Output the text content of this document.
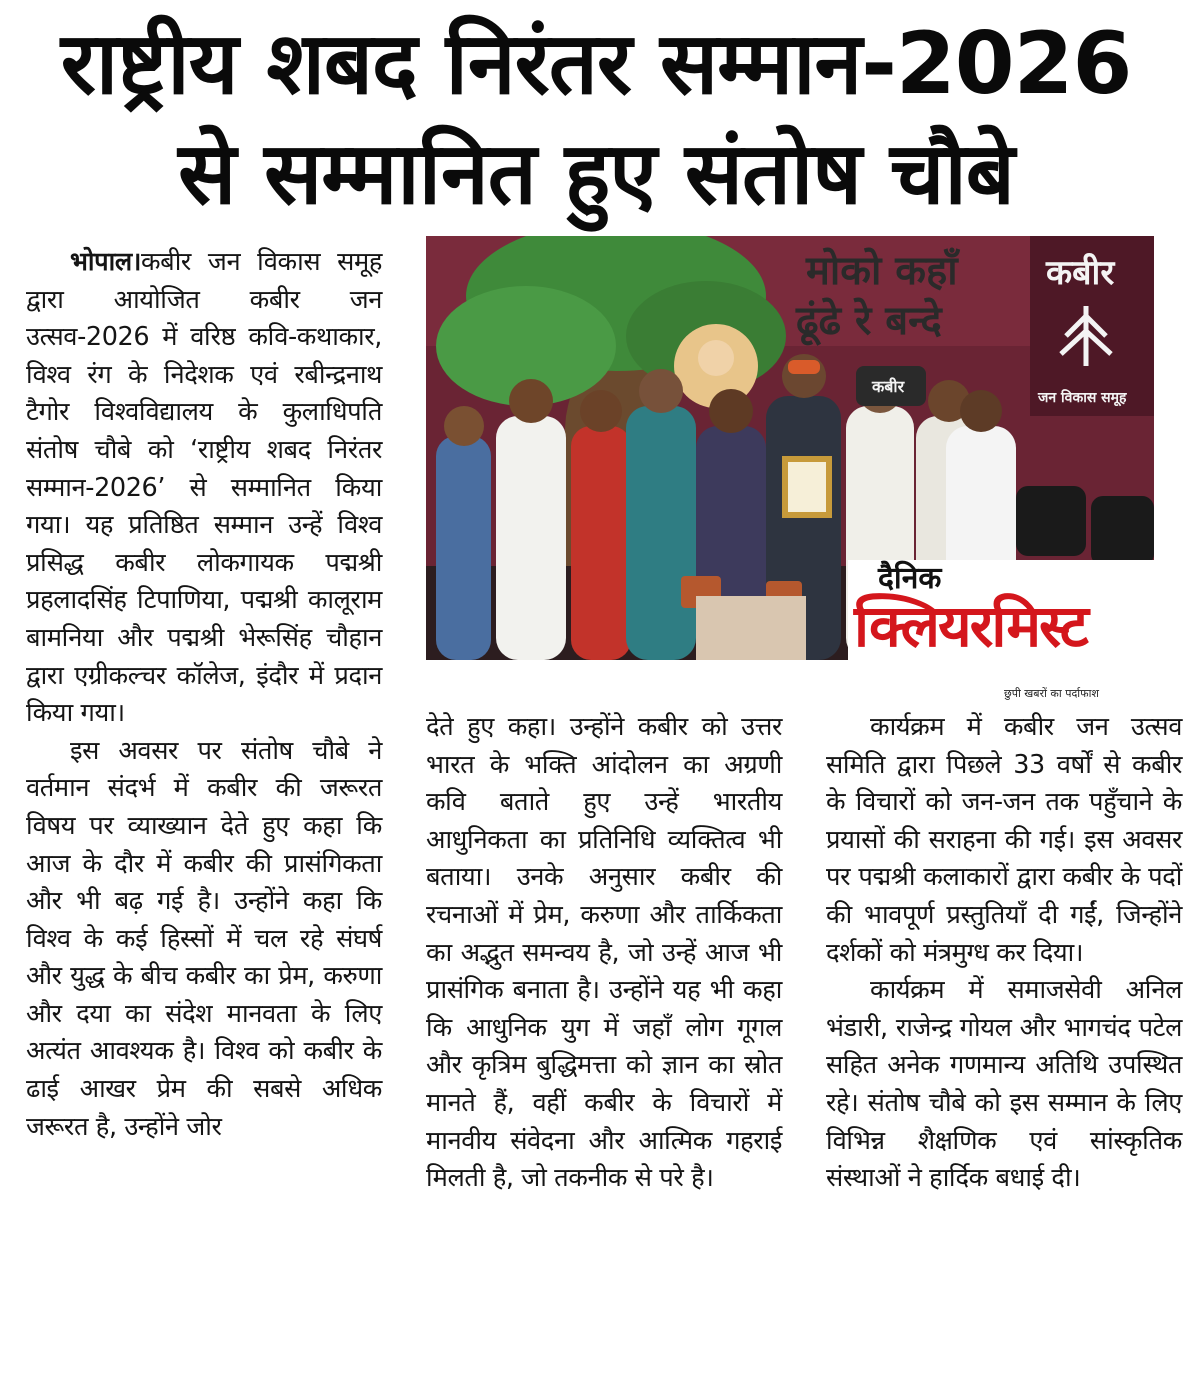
राष्ट्रीय शबद निरंतर सम्मान-2026
से सम्मानित हुए संतोष चौबे

भोपाल।कबीर जन विकास समूह द्वारा आयोजित कबीर जन उत्सव-2026 में वरिष्ठ कवि-कथाकार, विश्व रंग के निदेशक एवं रबीन्द्रनाथ टैगोर विश्वविद्यालय के कुलाधिपति संतोष चौबे को ‘राष्ट्रीय शबद निरंतर सम्मान-2026’ से सम्मानित किया गया। यह प्रतिष्ठित सम्मान उन्हें विश्व प्रसिद्ध कबीर लोकगायक पद्मश्री प्रहलादसिंह टिपाणिया, पद्मश्री कालूराम बामनिया और पद्मश्री भेरूसिंह चौहान द्वारा एग्रीकल्चर कॉलेज, इंदौर में प्रदान किया गया।

इस अवसर पर संतोष चौबे ने वर्तमान संदर्भ में कबीर की जरूरत विषय पर व्याख्यान देते हुए कहा कि आज के दौर में कबीर की प्रासंगिकता और भी बढ़ गई है। उन्होंने कहा कि विश्व के कई हिस्सों में चल रहे संघर्ष और युद्ध के बीच कबीर का प्रेम, करुणा और दया का संदेश मानवता के लिए अत्यंत आवश्यक है। विश्व को कबीर के ढाई आखर प्रेम की सबसे अधिक जरूरत है, उन्होंने जोर

मोको कहाँ
ढूंढे रे बन्दे
कबीर
जन विकास समूह
कबीर
दैनिक
क्लियरमिस्ट
छुपी खबरों का पर्दाफाश

देते हुए कहा। उन्होंने कबीर को उत्तर भारत के भक्ति आंदोलन का अग्रणी कवि बताते हुए उन्हें भारतीय आधुनिकता का प्रतिनिधि व्यक्तित्व भी बताया। उनके अनुसार कबीर की रचनाओं में प्रेम, करुणा और तार्किकता का अद्भुत समन्वय है, जो उन्हें आज भी प्रासंगिक बनाता है। उन्होंने यह भी कहा कि आधुनिक युग में जहाँ लोग गूगल और कृत्रिम बुद्धिमत्ता को ज्ञान का स्रोत मानते हैं, वहीं कबीर के विचारों में मानवीय संवेदना और आत्मिक गहराई मिलती है, जो तकनीक से परे है।

कार्यक्रम में कबीर जन उत्सव समिति द्वारा पिछले 33 वर्षों से कबीर के विचारों को जन-जन तक पहुँचाने के प्रयासों की सराहना की गई। इस अवसर पर पद्मश्री कलाकारों द्वारा कबीर के पदों की भावपूर्ण प्रस्तुतियाँ दी गईं, जिन्होंने दर्शकों को मंत्रमुग्ध कर दिया।

कार्यक्रम में समाजसेवी अनिल भंडारी, राजेन्द्र गोयल और भागचंद पटेल सहित अनेक गणमान्य अतिथि उपस्थित रहे। संतोष चौबे को इस सम्मान के लिए विभिन्न शैक्षणिक एवं सांस्कृतिक संस्थाओं ने हार्दिक बधाई दी।
